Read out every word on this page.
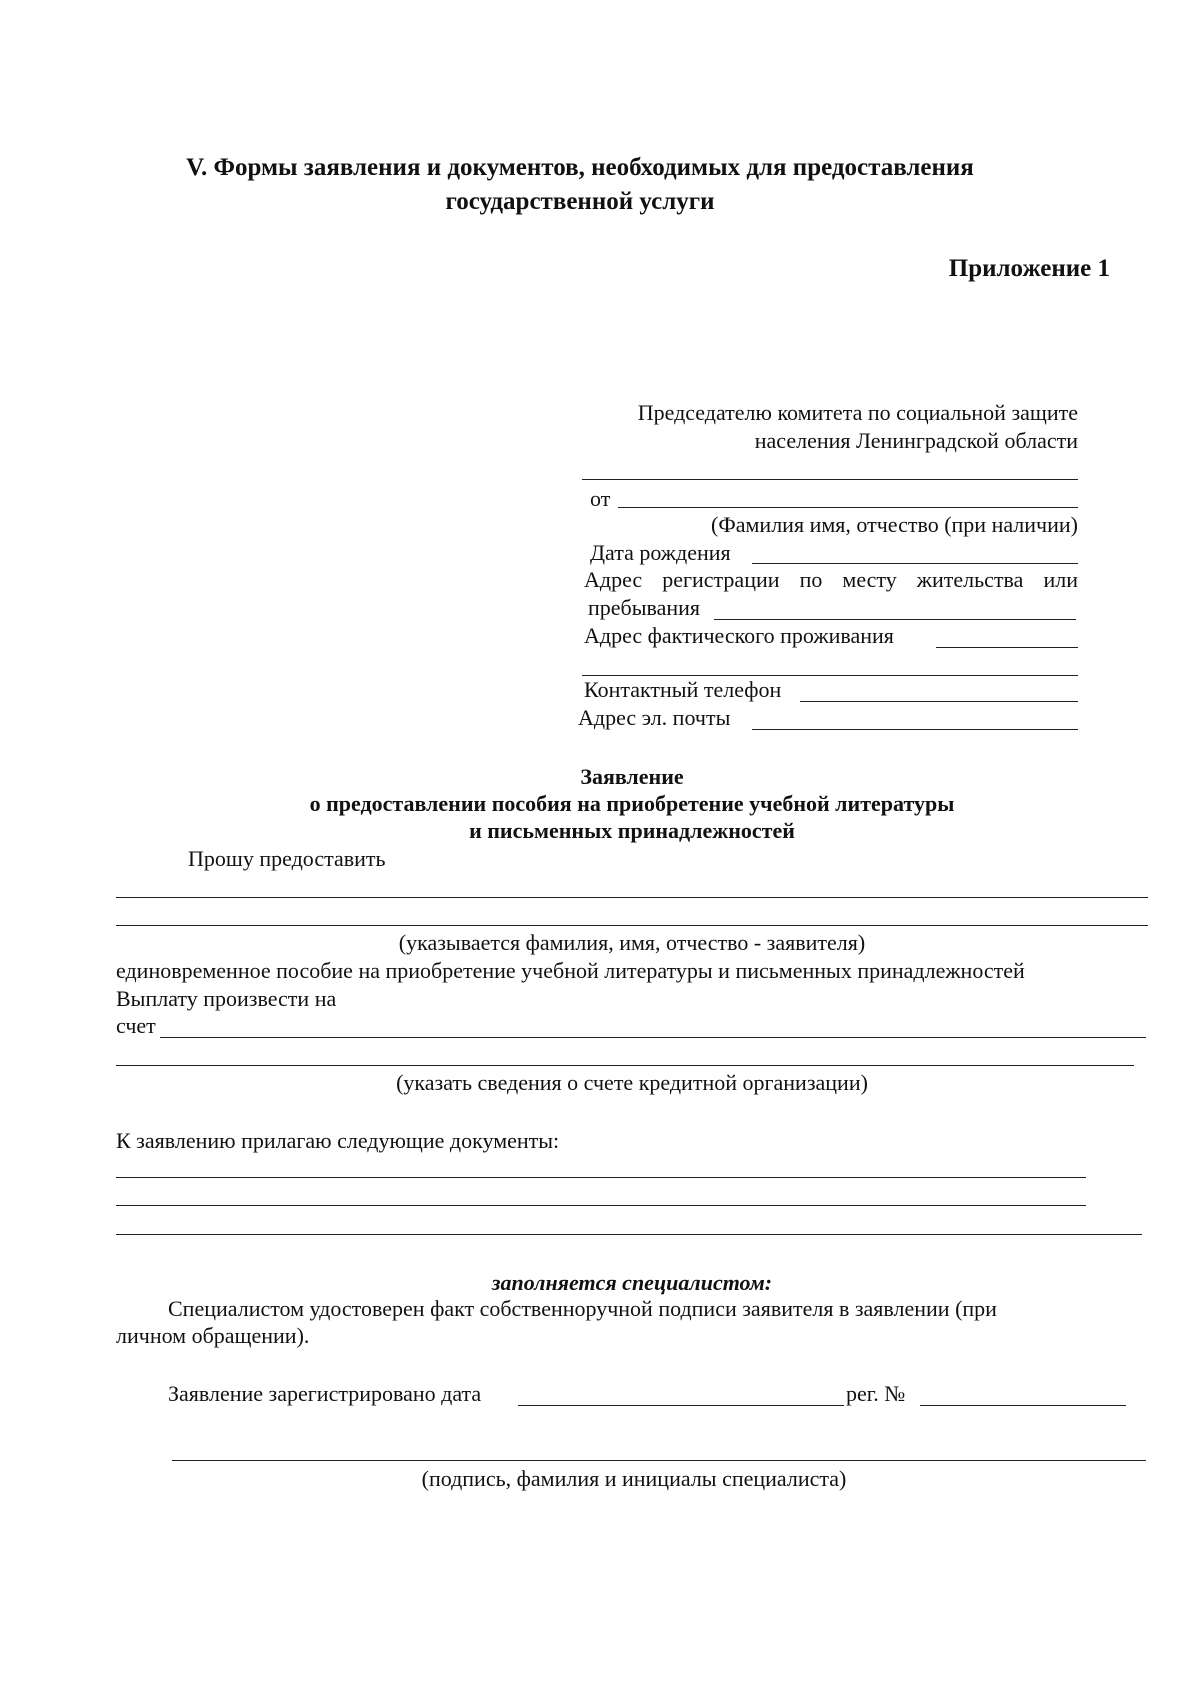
V. Формы заявления и документов, необходимых для предоставления
государственной услуги
Приложение 1
Председателю комитета по социальной защите
населения Ленинградской области
от
(Фамилия имя, отчество (при наличии)
Дата рождения
Адрес регистрации по месту жительства или
пребывания
Адрес фактического проживания
Контактный телефон
Адрес эл. почты
Заявление
о предоставлении пособия на приобретение учебной литературы
и письменных принадлежностей
Прошу предоставить
(указывается фамилия, имя, отчество - заявителя)
единовременное пособие на приобретение учебной литературы и письменных принадлежностей
Выплату произвести на
счет
(указать сведения о счете кредитной организации)
К заявлению прилагаю следующие документы:
заполняется специалистом:
Специалистом удостоверен факт собственноручной подписи заявителя в заявлении (при
личном обращении).
Заявление зарегистрировано дата	рег. №
(подпись, фамилия и инициалы специалиста)
